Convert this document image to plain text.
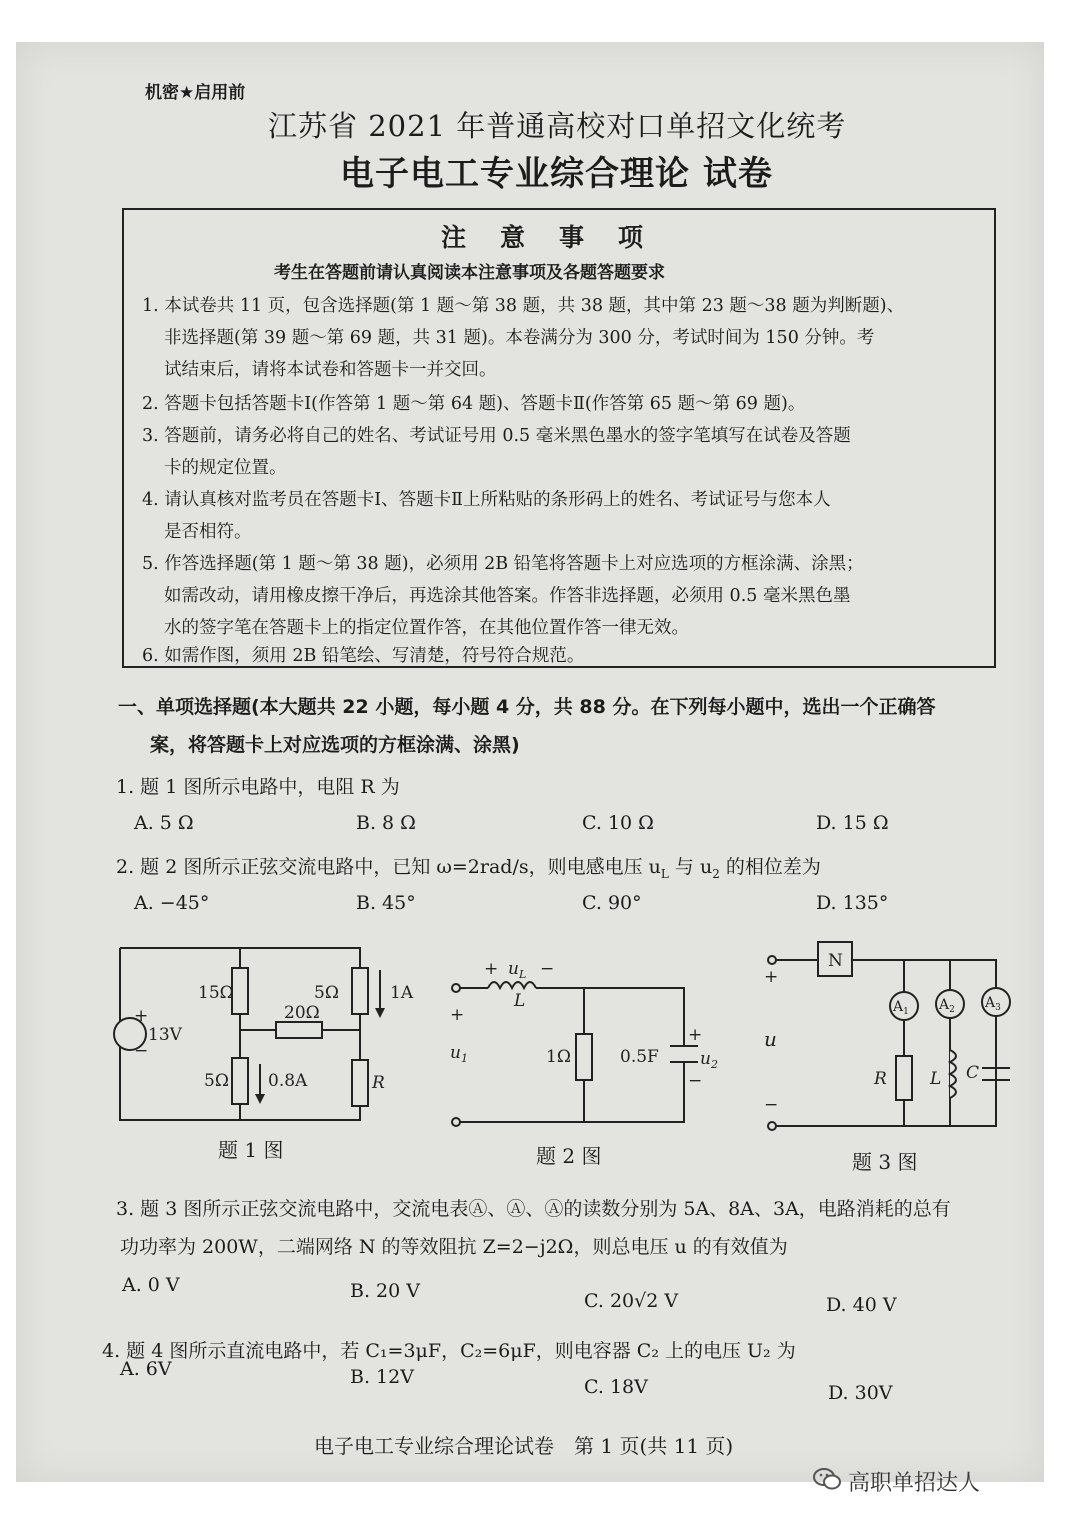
机密★启用前
江苏省 2021 年普通高校对口单招文化统考
电子电工专业综合理论 试卷
注意事项
考生在答题前请认真阅读本注意事项及各题答题要求
1. 本试卷共 11 页，包含选择题(第 1 题～第 38 题，共 38 题，其中第 23 题～38 题为判断题)、
非选择题(第 39 题～第 69 题，共 31 题)。本卷满分为 300 分，考试时间为 150 分钟。考
试结束后，请将本试卷和答题卡一并交回。
2. 答题卡包括答题卡Ⅰ(作答第 1 题～第 64 题)、答题卡Ⅱ(作答第 65 题～第 69 题)。
3. 答题前，请务必将自己的姓名、考试证号用 0.5 毫米黑色墨水的签字笔填写在试卷及答题
卡的规定位置。
4. 请认真核对监考员在答题卡Ⅰ、答题卡Ⅱ上所粘贴的条形码上的姓名、考试证号与您本人
是否相符。
5. 作答选择题(第 1 题～第 38 题)，必须用 2B 铅笔将答题卡上对应选项的方框涂满、涂黑；
如需改动，请用橡皮擦干净后，再选涂其他答案。作答非选择题，必须用 0.5 毫米黑色墨
水的签字笔在答题卡上的指定位置作答，在其他位置作答一律无效。
6. 如需作图，须用 2B 铅笔绘、写清楚，符号符合规范。
一、单项选择题(本大题共 22 小题，每小题 4 分，共 88 分。在下列每小题中，选出一个正确答
案，将答题卡上对应选项的方框涂满、涂黑)
1. 题 1 图所示电路中，电阻 R 为
A. 5 Ω	B. 8 Ω	C. 10 Ω	D. 15 Ω
2. 题 2 图所示正弦交流电路中，已知 ω=2rad/s，则电感电压 $u_L$ 与 $u_2$ 的相位差为
A. −45°	B. 45°	C. 90°	D. 135°
+
−
13V
15Ω
20Ω
5Ω	1A
5Ω 0.8A	R
+ $u_L$ −
L
+
$u_1$	1Ω	0.5F
+
$u_2$
−
N
+
u
−
$A_1$ $A_2$ $A_3$
R	L C
题 1 图	题 2 图	题 3 图
3. 题 3 图所示正弦交流电路中，交流电表Ⓐ、Ⓐ、Ⓐ的读数分别为 5A、8A、3A，电路消耗的总有
功功率为 200W，二端网络 N 的等效阻抗 Z=2−j2Ω，则总电压 u 的有效值为
A. 0 V	B. 20 V	C. 20√2 V	D. 40 V
4. 题 4 图所示直流电路中，若 C₁=3μF，C₂=6μF，则电容器 C₂ 上的电压 U₂ 为
A. 6V	B. 12V	C. 18V	D. 30V
电子电工专业综合理论试卷　第 1 页(共 11 页)
高职单招达人
